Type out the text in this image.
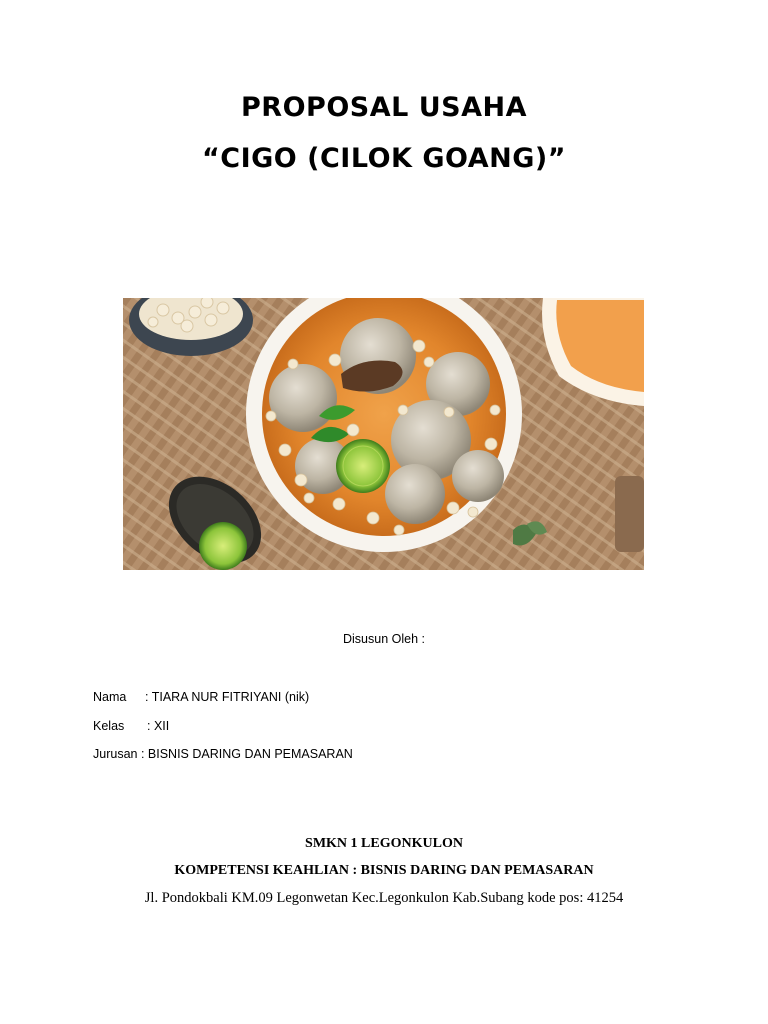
PROPOSAL USAHA
“CIGO (CILOK GOANG)”
Disusun Oleh :
Nama : TIARA NUR FITRIYANI (nik)
Kelas : XII
Jurusan : BISNIS DARING DAN PEMASARAN
SMKN 1 LEGONKULON
KOMPETENSI KEAHLIAN : BISNIS DARING DAN PEMASARAN
Jl. Pondokbali KM.09 Legonwetan Kec.Legonkulon Kab.Subang kode pos: 41254
